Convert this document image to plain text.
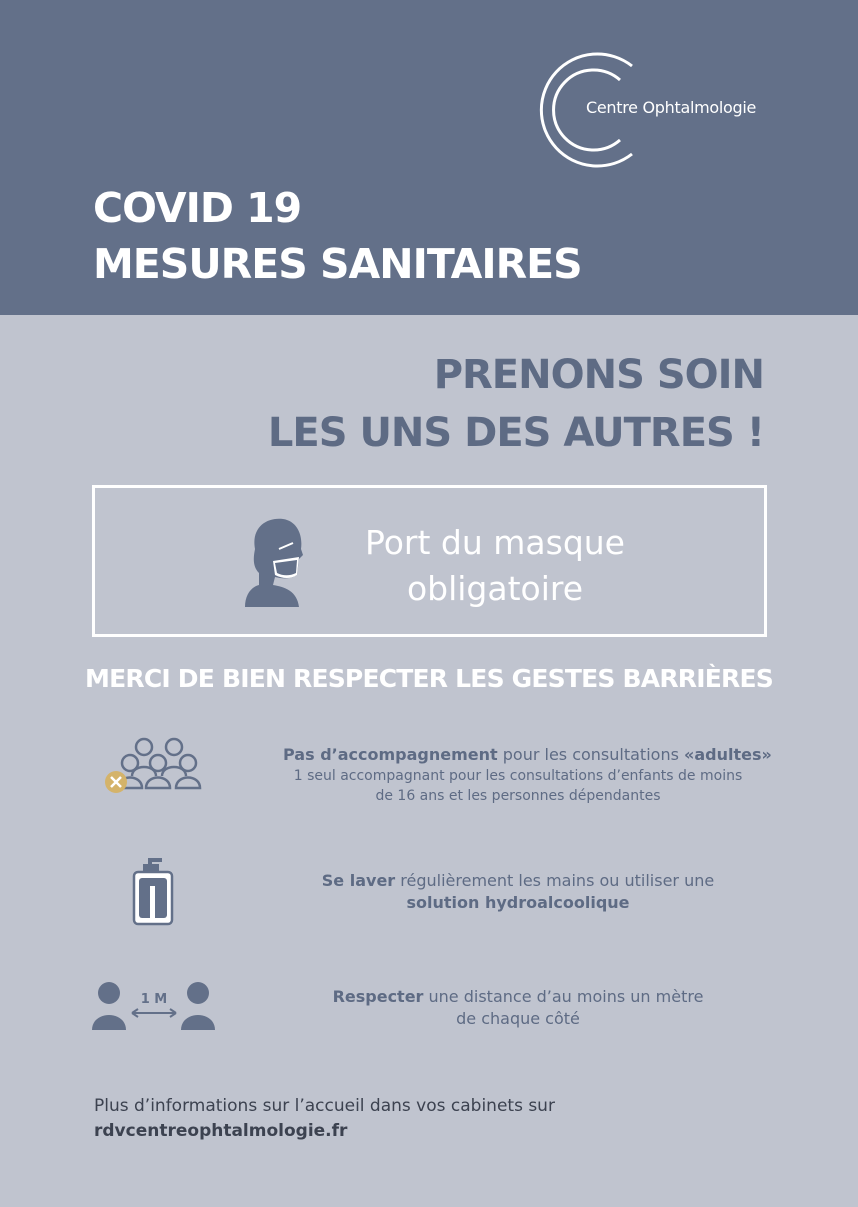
Centre Ophtalmologie
COVID 19
MESURES SANITAIRES
PRENONS SOIN
LES UNS DES AUTRES !
Port du masque
obligatoire
MERCI DE BIEN RESPECTER LES GESTES BARRIÈRES
Pas d’accompagnement pour les consultations «adultes»
1 seul accompagnant pour les consultations d’enfants de moins
de 16 ans et les personnes dépendantes
Se laver régulièrement les mains ou utiliser une
solution hydroalcoolique
1 M	Respecter une distance d’au moins un mètre
de chaque côté
Plus d’informations sur l’accueil dans vos cabinets sur
rdvcentreophtalmologie.fr
